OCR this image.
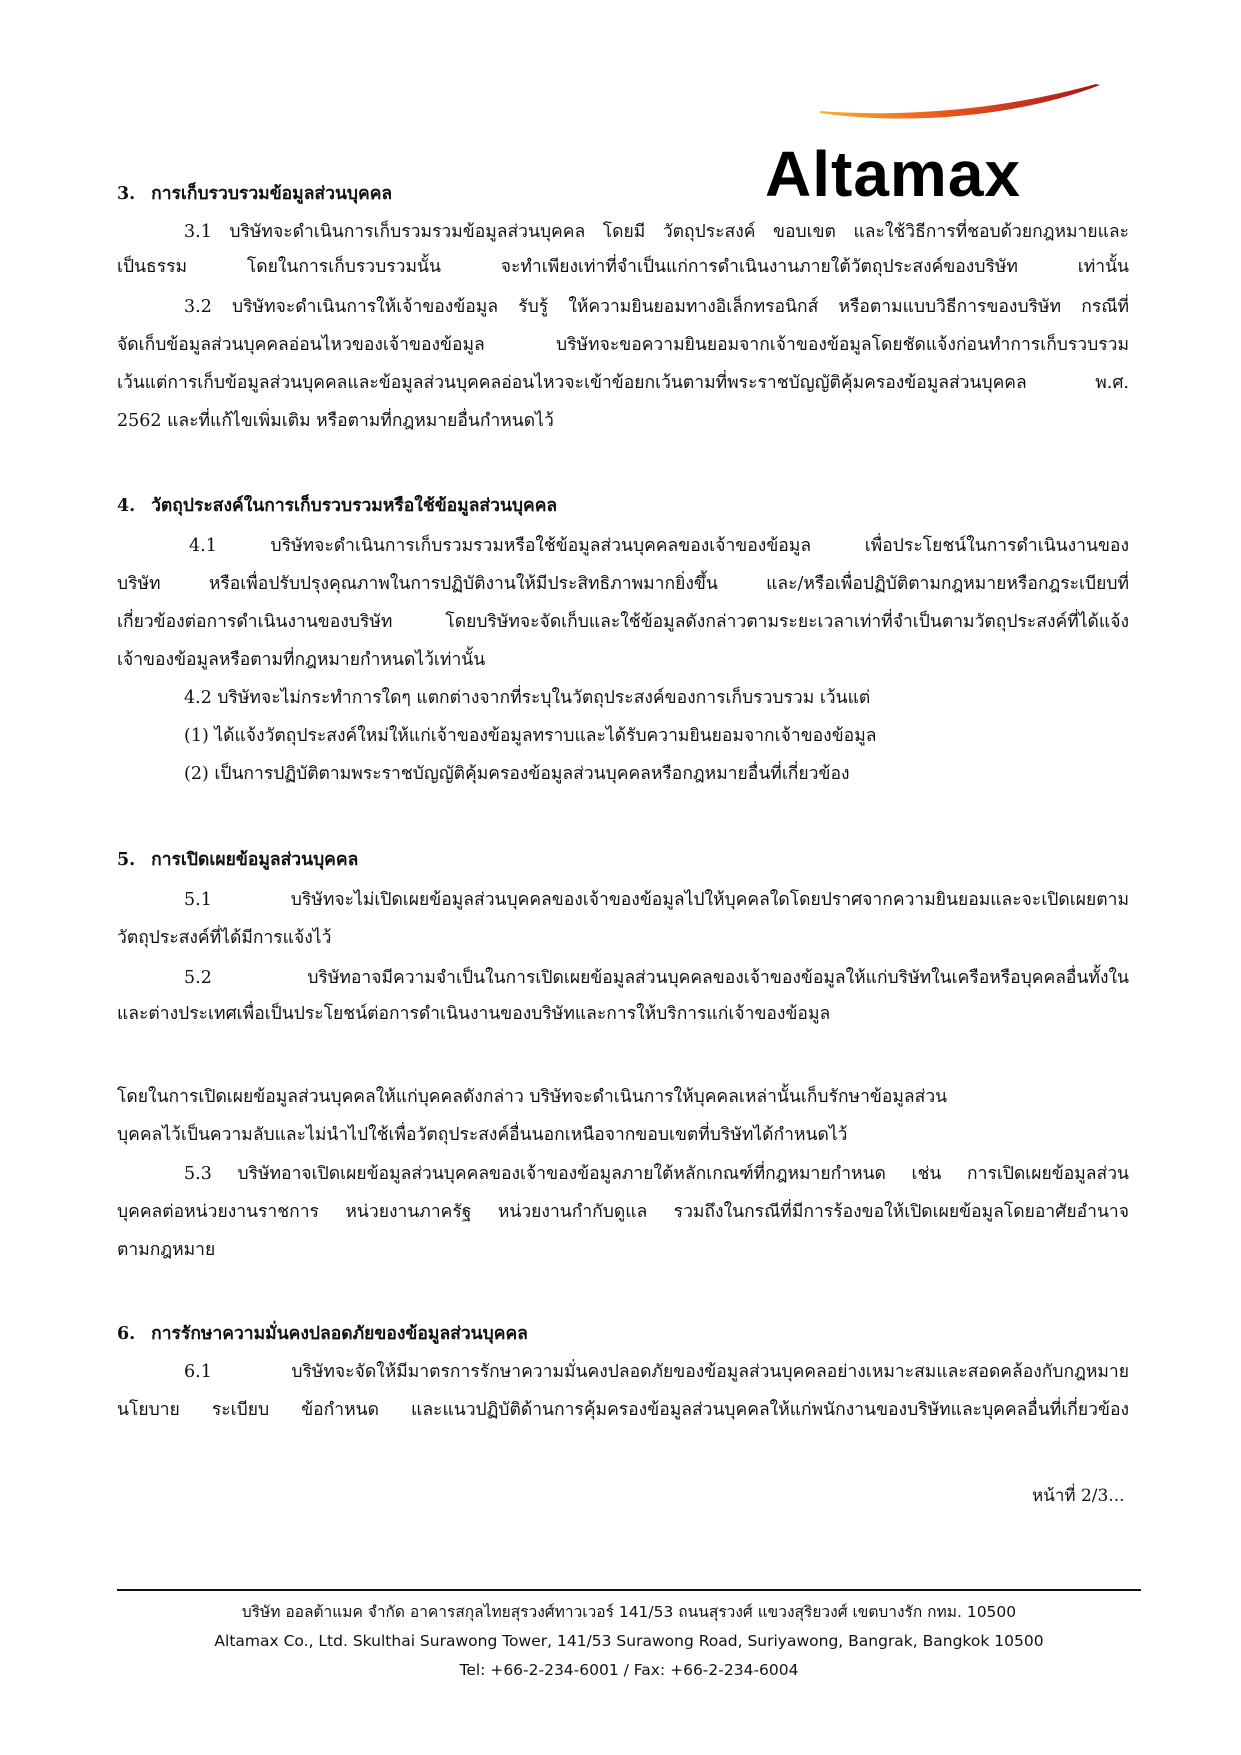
Altamax
3. การเก็บรวบรวมข้อมูลส่วนบุคคล
3.1 บริษัทจะดำเนินการเก็บรวมรวมข้อมูลส่วนบุคคล โดยมี วัตถุประสงค์ ขอบเขต และใช้วิธีการที่ชอบด้วยกฎหมายและ
เป็นธรรม โดยในการเก็บรวบรวมนั้น จะทำเพียงเท่าที่จำเป็นแก่การดำเนินงานภายใต้วัตถุประสงค์ของบริษัท เท่านั้น
3.2 บริษัทจะดำเนินการให้เจ้าของข้อมูล รับรู้ ให้ความยินยอมทางอิเล็กทรอนิกส์ หรือตามแบบวิธีการของบริษัท กรณีที่
จัดเก็บข้อมูลส่วนบุคคลอ่อนไหวของเจ้าของข้อมูล บริษัทจะขอความยินยอมจากเจ้าของข้อมูลโดยชัดแจ้งก่อนทำการเก็บรวบรวม
เว้นแต่การเก็บข้อมูลส่วนบุคคลและข้อมูลส่วนบุคคลอ่อนไหวจะเข้าข้อยกเว้นตามที่พระราชบัญญัติคุ้มครองข้อมูลส่วนบุคคล พ.ศ.
2562 และที่แก้ไขเพิ่มเติม หรือตามที่กฎหมายอื่นกำหนดไว้
4. วัตถุประสงค์ในการเก็บรวบรวมหรือใช้ข้อมูลส่วนบุคคล
4.1 บริษัทจะดำเนินการเก็บรวมรวมหรือใช้ข้อมูลส่วนบุคคลของเจ้าของข้อมูล เพื่อประโยชน์ในการดำเนินงานของ
บริษัท หรือเพื่อปรับปรุงคุณภาพในการปฏิบัติงานให้มีประสิทธิภาพมากยิ่งขึ้น และ/หรือเพื่อปฏิบัติตามกฎหมายหรือกฎระเบียบที่
เกี่ยวข้องต่อการดำเนินงานของบริษัท โดยบริษัทจะจัดเก็บและใช้ข้อมูลดังกล่าวตามระยะเวลาเท่าที่จำเป็นตามวัตถุประสงค์ที่ได้แจ้ง
เจ้าของข้อมูลหรือตามที่กฎหมายกำหนดไว้เท่านั้น
4.2 บริษัทจะไม่กระทำการใดๆ แตกต่างจากที่ระบุในวัตถุประสงค์ของการเก็บรวบรวม เว้นแต่
(1) ได้แจ้งวัตถุประสงค์ใหม่ให้แก่เจ้าของข้อมูลทราบและได้รับความยินยอมจากเจ้าของข้อมูล
(2) เป็นการปฏิบัติตามพระราชบัญญัติคุ้มครองข้อมูลส่วนบุคคลหรือกฎหมายอื่นที่เกี่ยวข้อง
5. การเปิดเผยข้อมูลส่วนบุคคล
5.1 บริษัทจะไม่เปิดเผยข้อมูลส่วนบุคคลของเจ้าของข้อมูลไปให้บุคคลใดโดยปราศจากความยินยอมและจะเปิดเผยตาม
วัตถุประสงค์ที่ได้มีการแจ้งไว้
5.2 บริษัทอาจมีความจำเป็นในการเปิดเผยข้อมูลส่วนบุคคลของเจ้าของข้อมูลให้แก่บริษัทในเครือหรือบุคคลอื่นทั้งใน
และต่างประเทศเพื่อเป็นประโยชน์ต่อการดำเนินงานของบริษัทและการให้บริการแก่เจ้าของข้อมูล
โดยในการเปิดเผยข้อมูลส่วนบุคคลให้แก่บุคคลดังกล่าว บริษัทจะดำเนินการให้บุคคลเหล่านั้นเก็บรักษาข้อมูลส่วน
บุคคลไว้เป็นความลับและไม่นำไปใช้เพื่อวัตถุประสงค์อื่นนอกเหนือจากขอบเขตที่บริษัทได้กำหนดไว้
5.3 บริษัทอาจเปิดเผยข้อมูลส่วนบุคคลของเจ้าของข้อมูลภายใต้หลักเกณฑ์ที่กฎหมายกำหนด เช่น การเปิดเผยข้อมูลส่วน
บุคคลต่อหน่วยงานราชการ หน่วยงานภาครัฐ หน่วยงานกำกับดูแล รวมถึงในกรณีที่มีการร้องขอให้เปิดเผยข้อมูลโดยอาศัยอำนาจ
ตามกฎหมาย
6. การรักษาความมั่นคงปลอดภัยของข้อมูลส่วนบุคคล
6.1 บริษัทจะจัดให้มีมาตรการรักษาความมั่นคงปลอดภัยของข้อมูลส่วนบุคคลอย่างเหมาะสมและสอดคล้องกับกฎหมาย
นโยบาย ระเบียบ ข้อกำหนด และแนวปฏิบัติด้านการคุ้มครองข้อมูลส่วนบุคคลให้แก่พนักงานของบริษัทและบุคคลอื่นที่เกี่ยวข้อง
หน้าที่ 2/3...
บริษัท ออลต้าแมค จำกัด อาคารสกุลไทยสุรวงศ์ทาวเวอร์ 141/53 ถนนสุรวงศ์ แขวงสุริยวงศ์ เขตบางรัก กทม. 10500
Altamax Co., Ltd. Skulthai Surawong Tower, 141/53 Surawong Road, Suriyawong, Bangrak, Bangkok 10500
Tel: +66-2-234-6001 / Fax: +66-2-234-6004
